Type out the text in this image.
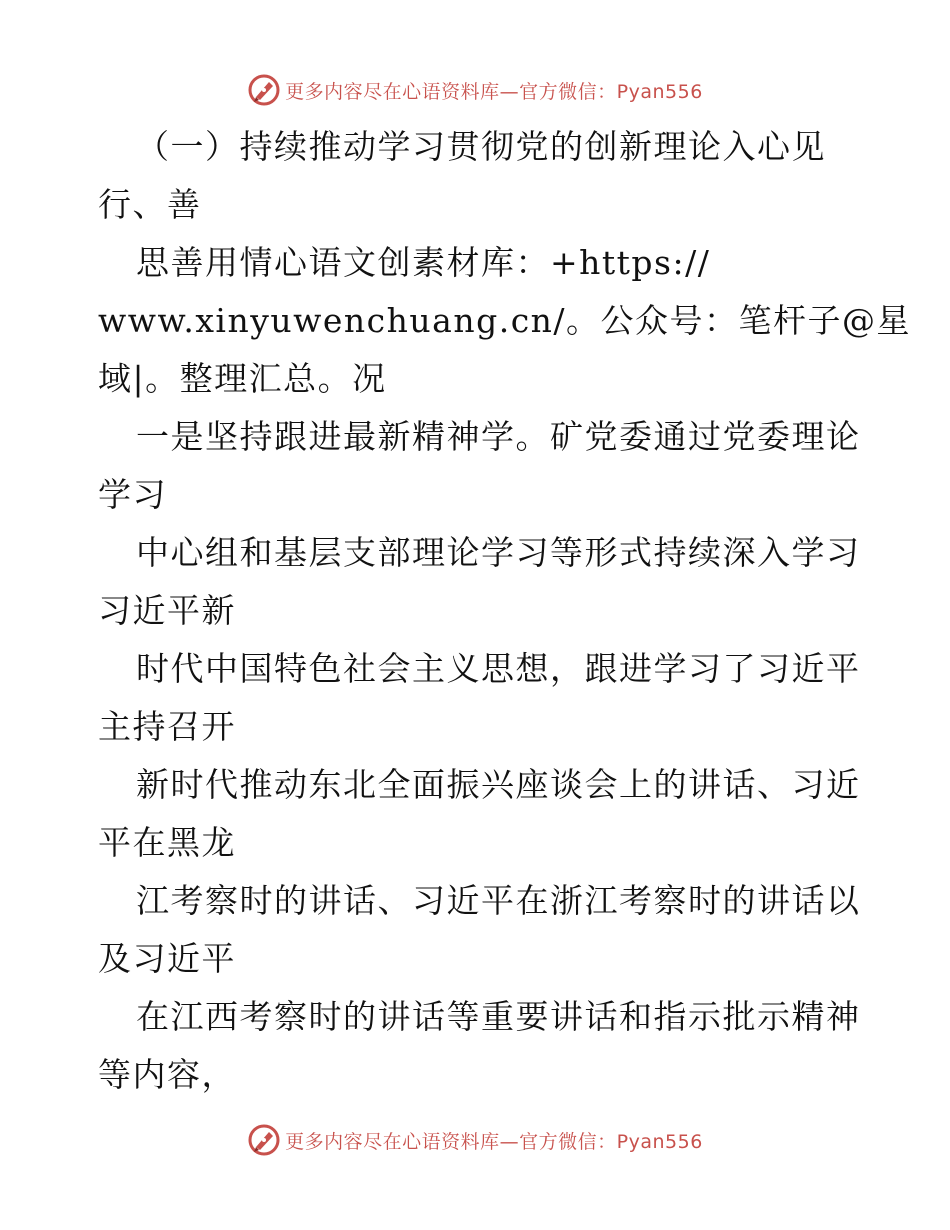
更多内容尽在心语资料库—官方微信：Pyan556
（一）持续推动学习贯彻党的创新理论入心见
行、善
思善用情心语文创素材库：+https://
www.xinyuwenchuang.cn/。公众号：笔杆子@星
域|。整理汇总。况
一是坚持跟进最新精神学。矿党委通过党委理论
学习
中心组和基层支部理论学习等形式持续深入学习
习近平新
时代中国特色社会主义思想，跟进学习了习近平
主持召开
新时代推动东北全面振兴座谈会上的讲话、习近
平在黑龙
江考察时的讲话、习近平在浙江考察时的讲话以
及习近平
在江西考察时的讲话等重要讲话和指示批示精神
等内容，
更多内容尽在心语资料库—官方微信：Pyan556
